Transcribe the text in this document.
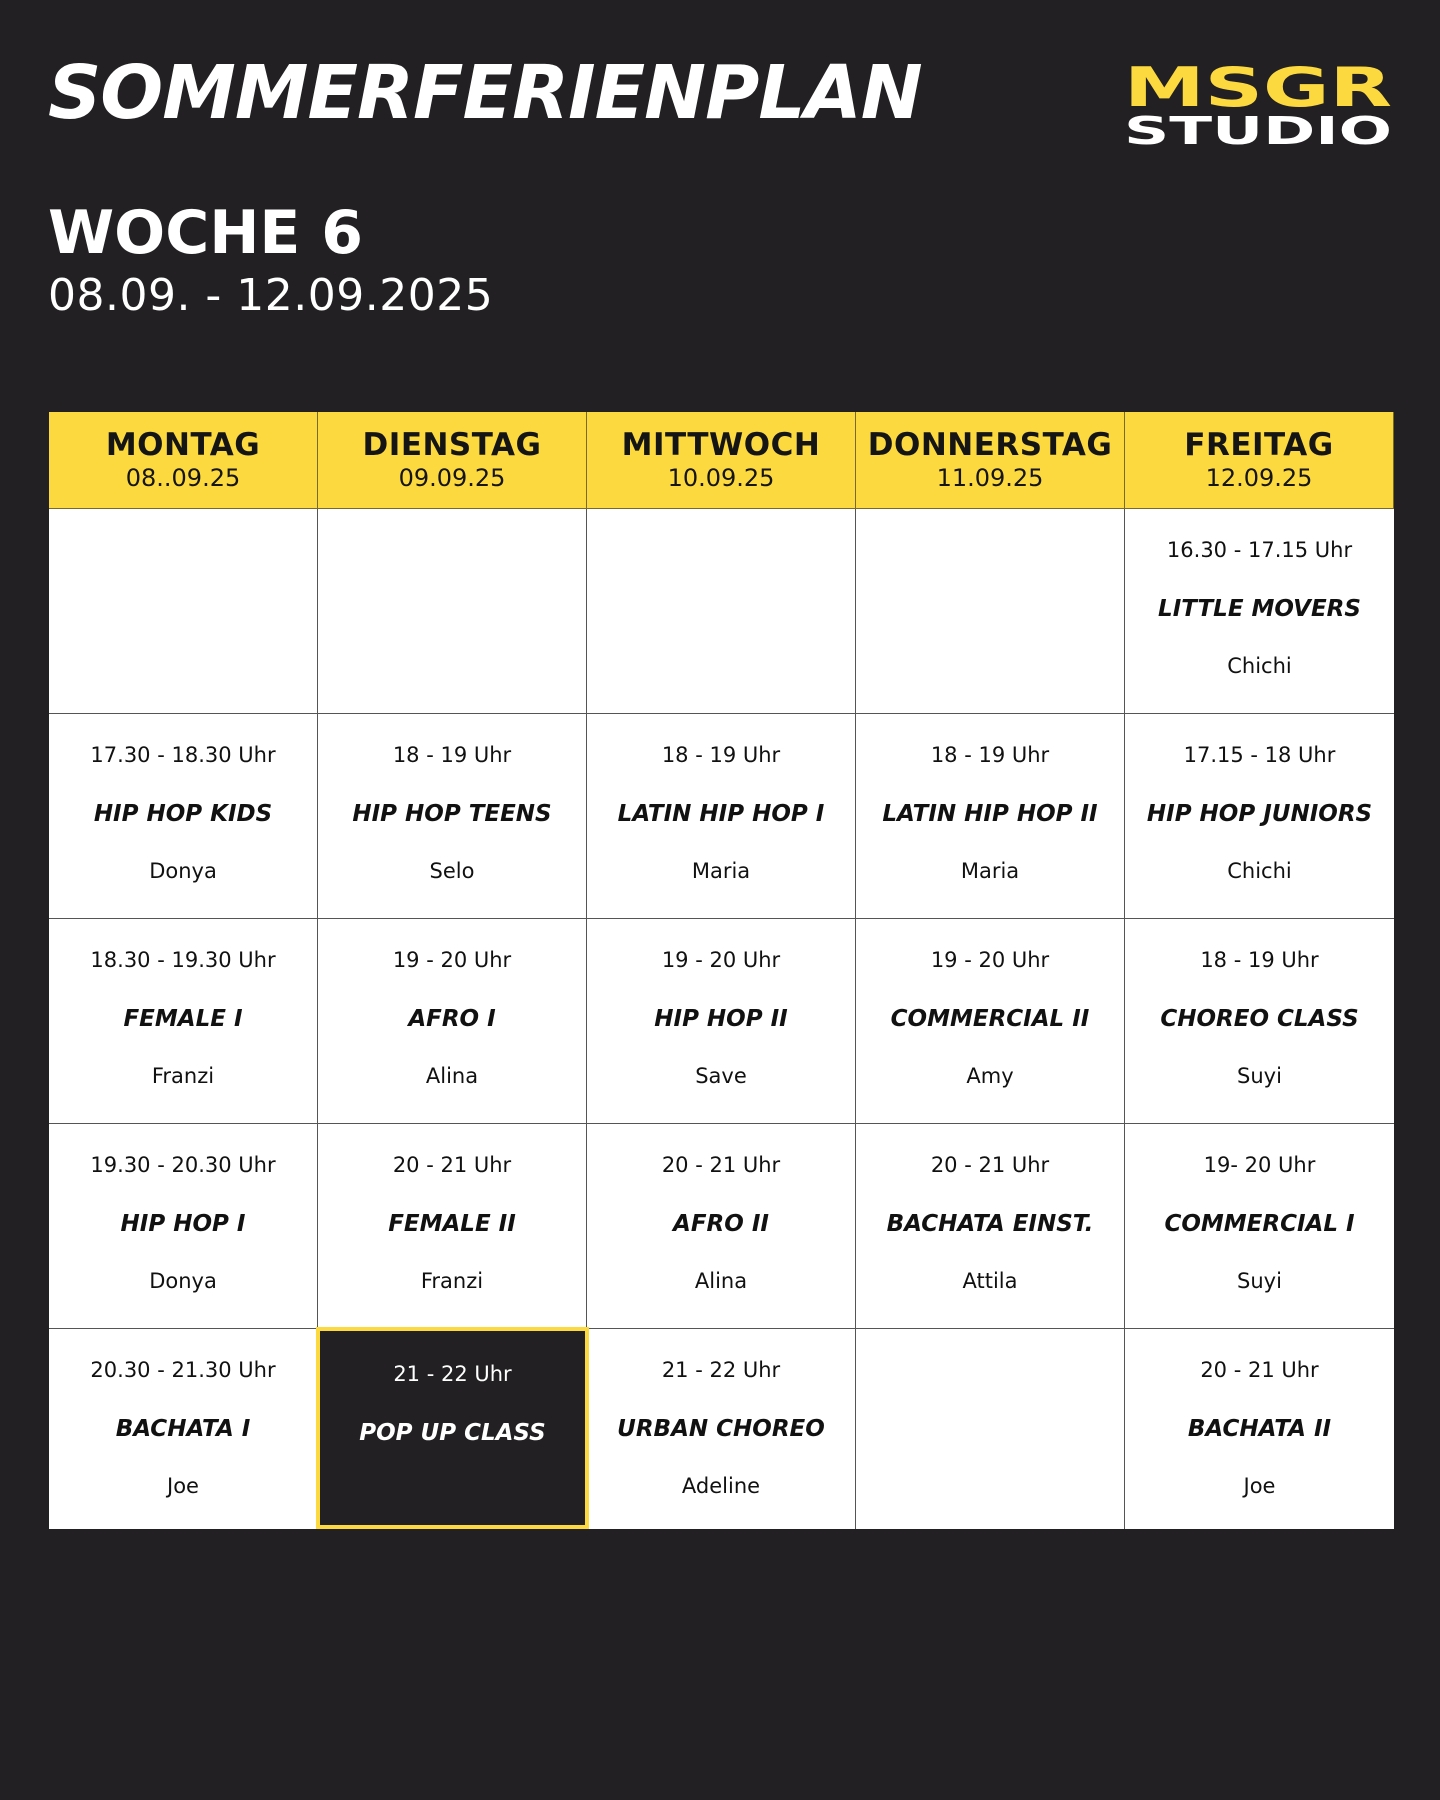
SOMMERFERIENPLAN	MSGR
STUDIO
WOCHE 6
08.09. - 12.09.2025
MONTAG
08..09.25
DIENSTAG
09.09.25
MITTWOCH
10.09.25
DONNERSTAG
11.09.25
FREITAG
12.09.25
16.30 - 17.15 Uhr
LITTLE MOVERS
Chichi
17.30 - 18.30 Uhr
HIP HOP KIDS
Donya
18 - 19 Uhr
HIP HOP TEENS
Selo
18 - 19 Uhr
LATIN HIP HOP I
Maria
18 - 19 Uhr
LATIN HIP HOP II
Maria
17.15 - 18 Uhr
HIP HOP JUNIORS
Chichi
18.30 - 19.30 Uhr
FEMALE I
Franzi
19 - 20 Uhr
AFRO I
Alina
19 - 20 Uhr
HIP HOP II
Save
19 - 20 Uhr
COMMERCIAL II
Amy
18 - 19 Uhr
CHOREO CLASS
Suyi
19.30 - 20.30 Uhr
HIP HOP I
Donya
20 - 21 Uhr
FEMALE II
Franzi
20 - 21 Uhr
AFRO II
Alina
20 - 21 Uhr
BACHATA EINST.
Attila
19- 20 Uhr
COMMERCIAL I
Suyi
20.30 - 21.30 Uhr
BACHATA I
Joe
21 - 22 Uhr
POP UP CLASS
21 - 22 Uhr
URBAN CHOREO
Adeline
20 - 21 Uhr
BACHATA II
Joe
